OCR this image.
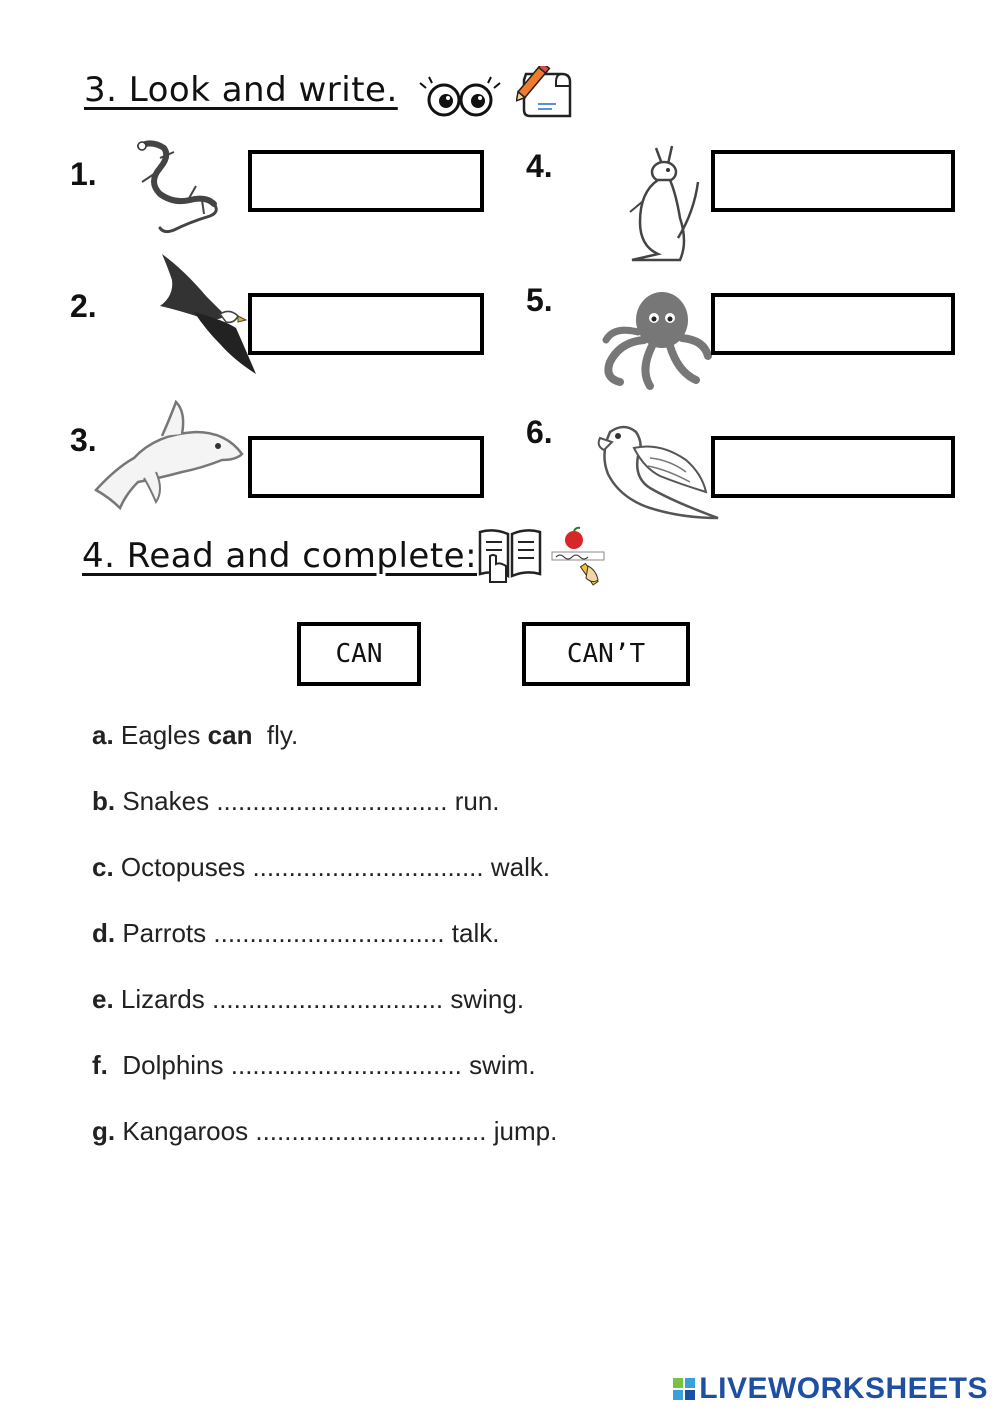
3. Look and write.
1.
2.
3.
4.
5.
6.
4. Read and complete:
CAN	CAN’T
a. Eagles can fly.
b. Snakes ................................ run.
c. Octopuses ................................ walk.
d. Parrots ................................ talk.
e. Lizards ................................ swing.
f. Dolphins ................................ swim.
g. Kangaroos ................................ jump.
LIVEWORKSHEETS
